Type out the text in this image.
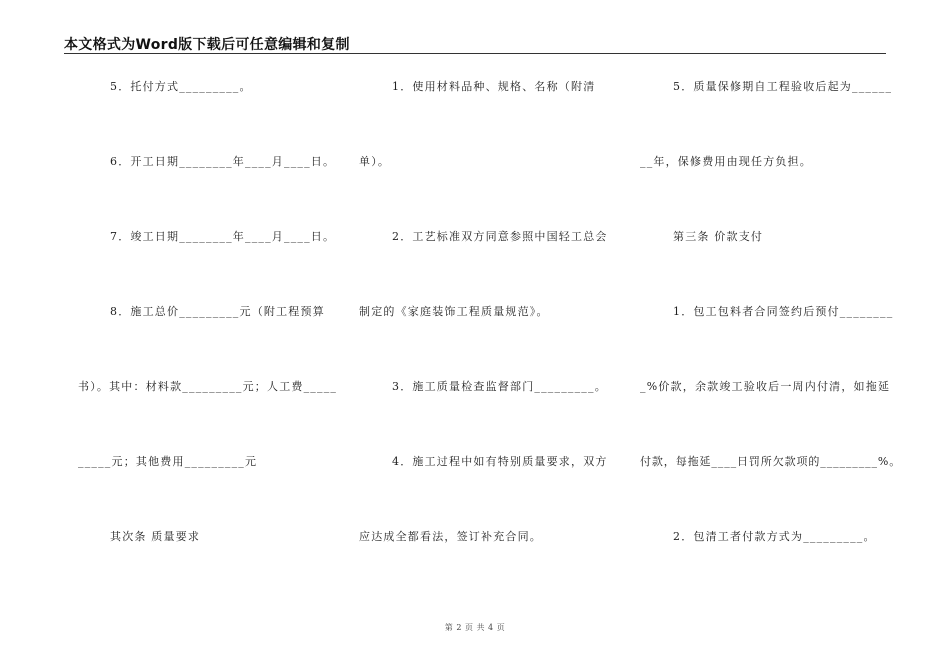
本文格式为Word版下载后可任意编辑和复制
5．托付方式_________。
6．开工日期________年____月____日。
7．竣工日期________年____月____日。
8．施工总价_________元（附工程预算
书）。其中：材料款_________元；人工费_____
_____元；其他费用_________元
其次条 质量要求
1．使用材料品种、规格、名称（附清
单）。
2．工艺标准双方同意参照中国轻工总会
制定的《家庭装饰工程质量规范》。
3．施工质量检查监督部门_________。
4．施工过程中如有特别质量要求，双方
应达成全都看法，签订补充合同。
5．质量保修期自工程验收后起为______
__年，保修费用由现任方负担。
第三条 价款支付
1．包工包料者合同签约后预付________
_%价款，余款竣工验收后一周内付清，如拖延
付款，每拖延____日罚所欠款项的_________%。
2．包清工者付款方式为_________。
第 2 页 共 4 页
